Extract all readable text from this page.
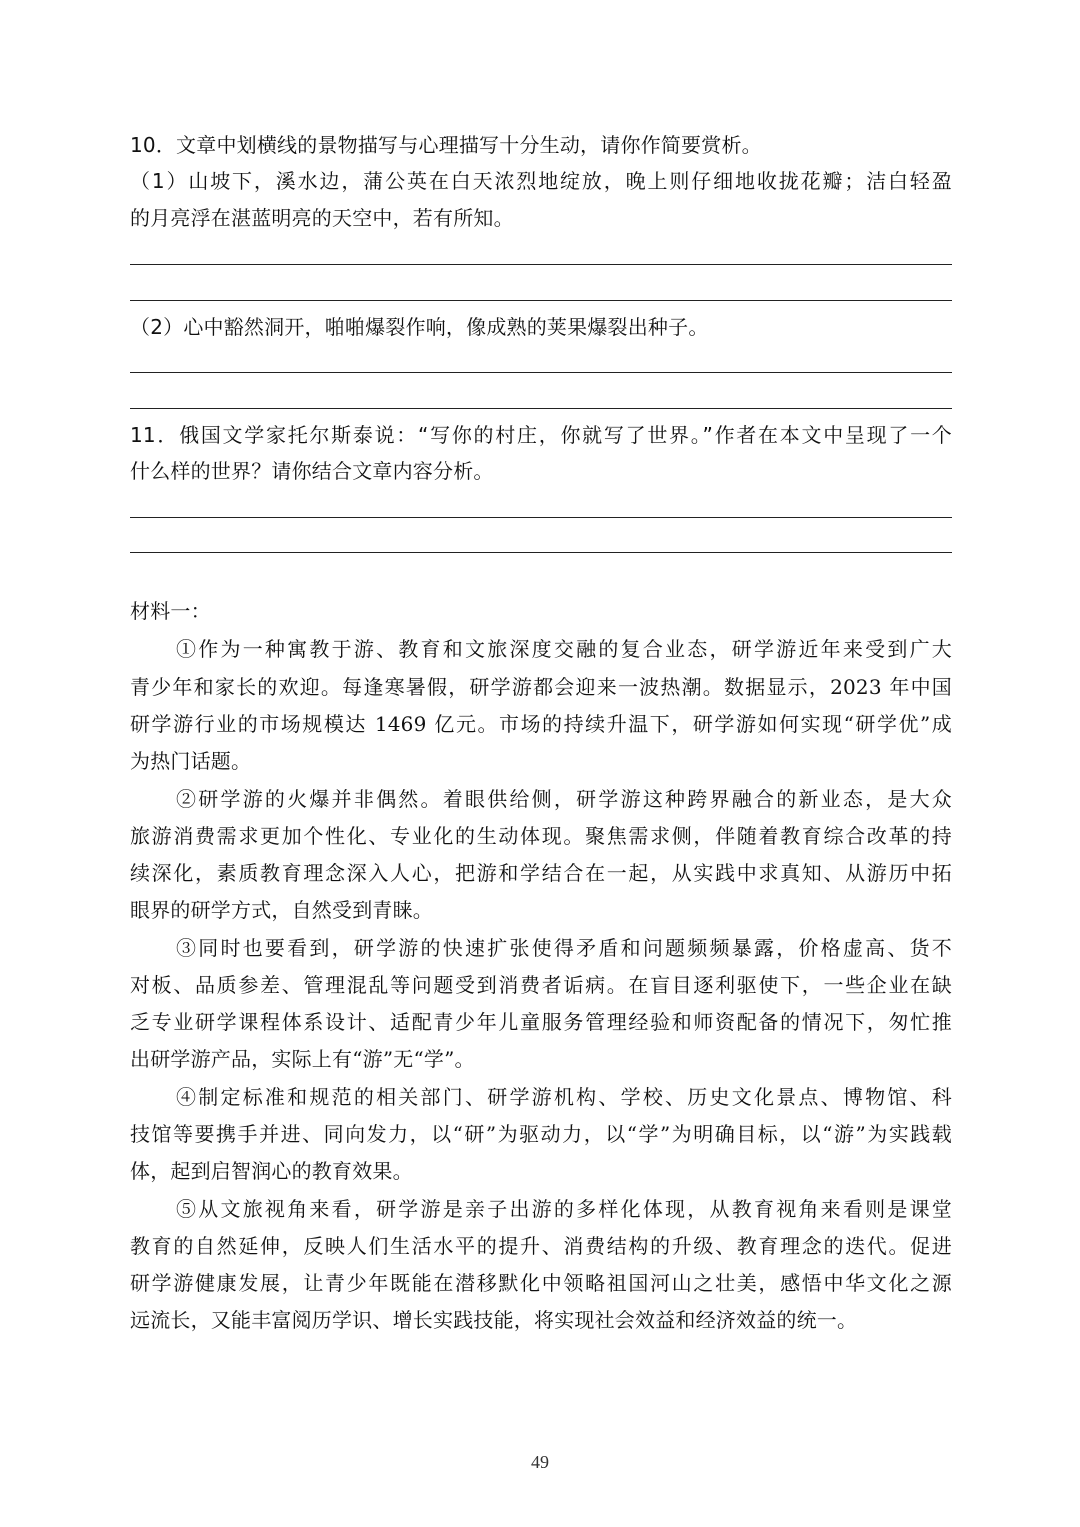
10．文章中划横线的景物描写与心理描写十分生动，请你作简要赏析。
（1）山坡下，溪水边，蒲公英在白天浓烈地绽放，晚上则仔细地收拢花瓣；洁白轻盈
的月亮浮在湛蓝明亮的天空中，若有所知。
（2）心中豁然洞开，啪啪爆裂作响，像成熟的荚果爆裂出种子。
11．俄国文学家托尔斯泰说：“写你的村庄，你就写了世界。”作者在本文中呈现了一个
什么样的世界？请你结合文章内容分析。
材料一：
①作为一种寓教于游、教育和文旅深度交融的复合业态，研学游近年来受到广大
青少年和家长的欢迎。每逢寒暑假，研学游都会迎来一波热潮。数据显示，2023 年中国
研学游行业的市场规模达 1469 亿元。市场的持续升温下，研学游如何实现“研学优”成
为热门话题。
②研学游的火爆并非偶然。着眼供给侧，研学游这种跨界融合的新业态，是大众
旅游消费需求更加个性化、专业化的生动体现。聚焦需求侧，伴随着教育综合改革的持
续深化，素质教育理念深入人心，把游和学结合在一起，从实践中求真知、从游历中拓
眼界的研学方式，自然受到青睐。
③同时也要看到，研学游的快速扩张使得矛盾和问题频频暴露，价格虚高、货不
对板、品质参差、管理混乱等问题受到消费者诟病。在盲目逐利驱使下，一些企业在缺
乏专业研学课程体系设计、适配青少年儿童服务管理经验和师资配备的情况下，匆忙推
出研学游产品，实际上有“游”无“学”。
④制定标准和规范的相关部门、研学游机构、学校、历史文化景点、博物馆、科
技馆等要携手并进、同向发力，以“研”为驱动力，以“学”为明确目标，以“游”为实践载
体，起到启智润心的教育效果。
⑤从文旅视角来看，研学游是亲子出游的多样化体现，从教育视角来看则是课堂
教育的自然延伸，反映人们生活水平的提升、消费结构的升级、教育理念的迭代。促进
研学游健康发展，让青少年既能在潜移默化中领略祖国河山之壮美，感悟中华文化之源
远流长，又能丰富阅历学识、增长实践技能，将实现社会效益和经济效益的统一。
49
